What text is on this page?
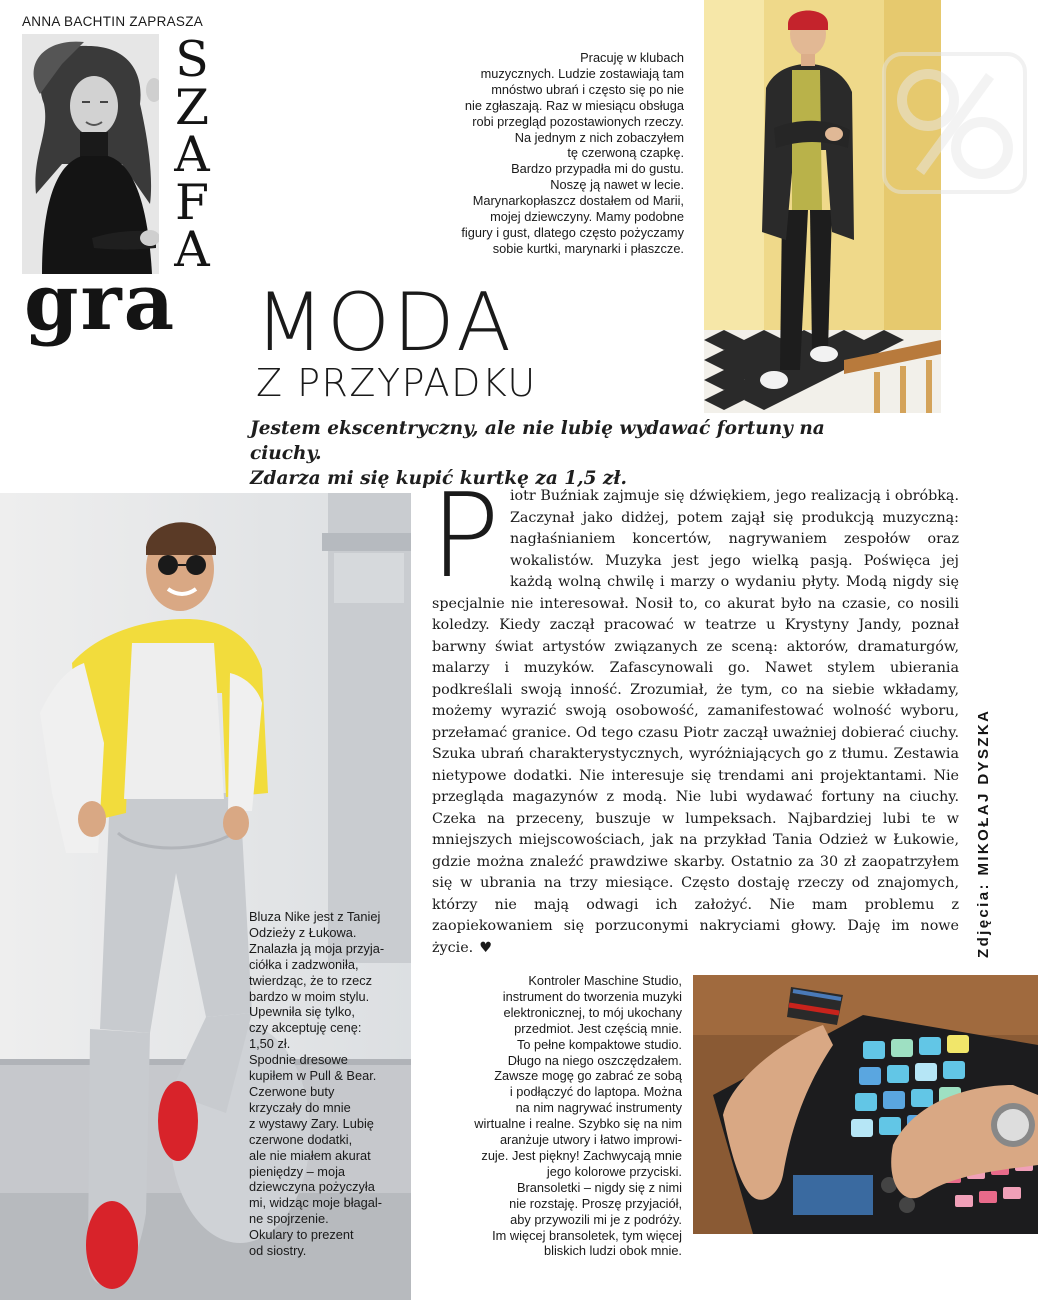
ANNA BACHTIN ZAPRASZA
S
Z
A
F
A
gra MODA
Z PRZYPADKU
Jestem ekscentryczny, ale nie lubię wydawać fortuny na ciuchy.
Zdarza mi się kupić kurtkę za 1,5 zł.
Pracuję w klubach
muzycznych. Ludzie zostawiają tam
mnóstwo ubrań i często się po nie
nie zgłaszają. Raz w miesiącu obsługa
robi przegląd pozostawionych rzeczy.
Na jednym z nich zobaczyłem
tę czerwoną czapkę.
Bardzo przypadła mi do gustu.
Noszę ją nawet w lecie.
Marynarkopłaszcz dostałem od Marii,
mojej dziewczyny. Mamy podobne
figury i gust, dlatego często pożyczamy
sobie kurtki, marynarki i płaszcze.
Bluza Nike jest z Taniej
Odzieży z Łukowa.
Znalazła ją moja przyja-
ciółka i zadzwoniła,
twierdząc, że to rzecz
bardzo w moim stylu.
Upewniła się tylko,
czy akceptuję cenę:
1,50 zł.
Spodnie dresowe
kupiłem w Pull & Bear.
Czerwone buty
krzyczały do mnie
z wystawy Zary. Lubię
czerwone dodatki,
ale nie miałem akurat
pieniędzy – moja
dziewczyna pożyczyła
mi, widząc moje błagal-
ne spojrzenie.
Okulary to prezent
od siostry.
P iotr Buźniak zajmuje się dźwiękiem, jego realizacją i obróbką. Zaczynał jako didżej, potem zajął się produkcją muzyczną: nagłaśnianiem koncertów, nagrywaniem zespołów oraz wokalistów. Muzyka jest jego wielką pasją. Poświęca jej każdą wolną chwilę i marzy o wydaniu płyty. Modą nigdy się specjalnie nie interesował. Nosił to, co akurat było na czasie, co nosili koledzy. Kiedy zaczął pracować w teatrze u Krystyny Jandy, poznał barwny świat artystów związanych ze sceną: aktorów, dramaturgów, malarzy i muzyków. Zafascynowali go. Nawet stylem ubierania podkreślali swoją inność. Zrozumiał, że tym, co na siebie wkładamy, możemy wyrazić swoją osobowość, zamanifestować wolność wyboru, przełamać granice. Od tego czasu Piotr zaczął uważniej dobierać ciuchy. Szuka ubrań charakterystycznych, wyróżniających go z tłumu. Zestawia nietypowe dodatki. Nie interesuje się trendami ani projektantami. Nie przegląda magazynów z modą. Nie lubi wydawać fortuny na ciuchy. Czeka na przeceny, buszuje w lumpeksach. Najbardziej lubi te w mniejszych miejscowościach, jak na przykład Tania Odzież w Łukowie, gdzie można znaleźć prawdziwe skarby. Ostatnio za 30 zł zaopatrzyłem się w ubrania na trzy miesiące. Często dostaję rzeczy od znajomych, którzy nie mają odwagi ich założyć. Nie mam problemu z zaopiekowaniem się porzuconymi nakryciami głowy. Daję im nowe życie. ♥	Zdjęcia: MIKOŁAJ DYSZKA
Kontroler Maschine Studio,
instrument do tworzenia muzyki
elektronicznej, to mój ukochany
przedmiot. Jest częścią mnie.
To pełne kompaktowe studio.
Długo na niego oszczędzałem.
Zawsze mogę go zabrać ze sobą
i podłączyć do laptopa. Można
na nim nagrywać instrumenty
wirtualne i realne. Szybko się na nim
aranżuje utwory i łatwo improwi-
zuje. Jest piękny! Zachwycają mnie
jego kolorowe przyciski.
Bransoletki – nigdy się z nimi
nie rozstaję. Proszę przyjaciół,
aby przywozili mi je z podróży.
Im więcej bransoletek, tym więcej
bliskich ludzi obok mnie.
